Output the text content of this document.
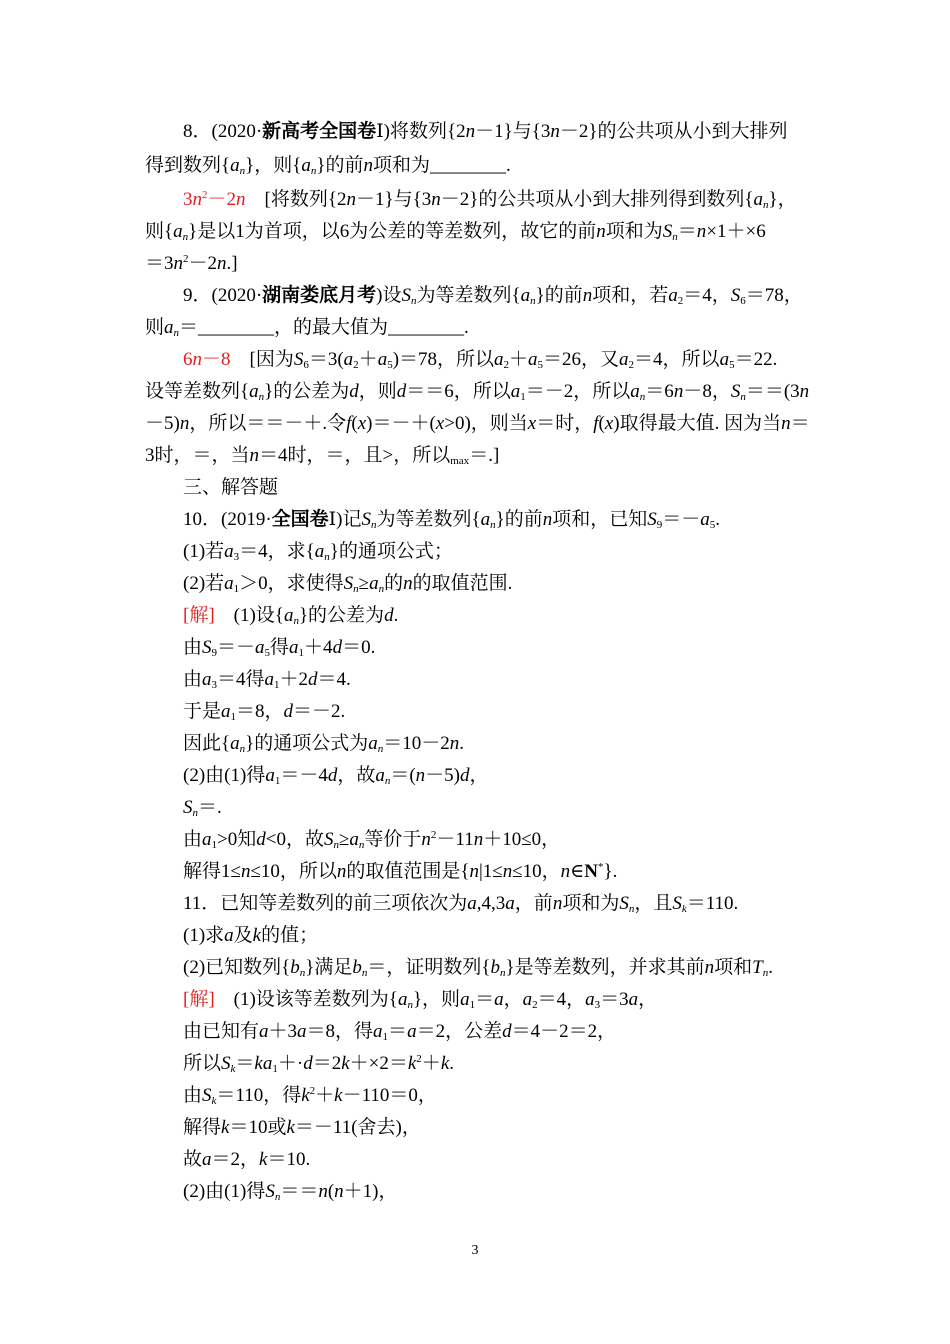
8．(2020·新高考全国卷Ⅰ)将数列{2n－1}与{3n－2}的公共项从小到大排列
得到数列$\{a_n\}$，则$\{a_n\}$的前n项和为________.
$3n^2-2n$　[将数列{2n－1}与{3n－2}的公共项从小到大排列得到数列$\{a_n\}$，
则$\{a_n\}$是以1为首项，以6为公差的等差数列，故它的前n项和为$S_n=n\times 1+\times 6$
$=3n^2-2n$.]
9．(2020·湖南娄底月考)设$S_n$为等差数列$\{a_n\}$的前n项和，若$a_2=4$，$S_6=78$，
则$a_n=\_\_\_\_\_\_\_\_$，的最大值为________.
6n－8　[因为$S_6=3(a_2+a_5)=78$，所以$a_2+a_5=26$，又$a_2=4$，所以$a_5=22$.
设等差数列$\{a_n\}$的公差为d，则d＝＝6，所以$a_1=-2$，所以$a_n=6n-8$，$S_n==(3n$
－5)n，所以＝＝－＋.令f(x)＝－＋(x>0)，则当x＝时，f(x)取得最大值. 因为当n＝
3时，＝，当n＝4时，＝，且>，所以$_{max}$＝.]
三、解答题
10．(2019·全国卷Ⅰ)记$S_n$为等差数列$\{a_n\}$的前n项和，已知$S_9=-a_5$.
(1)若$a_3=4$，求$\{a_n\}$的通项公式；
(2)若$a_1>0$，求使得$S_n\ge a_n$的n的取值范围.
[解]　(1)设$\{a_n\}$的公差为d.
由$S_9=-a_5$得$a_1+4d=0$.
由$a_3=4$得$a_1+2d=4$.
于是$a_1=8$，d＝－2.
因此$\{a_n\}$的通项公式为$a_n=10-2n$.
(2)由(1)得$a_1=-4d$，故$a_n=(n-5)d$，
$S_n=$.
由$a_1>0$知d<0，故$S_n\ge a_n$等价于$n^2-11n+10\le 0$，
解得1≤n≤10，所以n的取值范围是{n|1≤n≤10，n∈N*}.
11．已知等差数列的前三项依次为a,4,3a，前n项和为$S_n$，且$S_k=110$.
(1)求a及k的值；
(2)已知数列$\{b_n\}$满足$b_n=$，证明数列$\{b_n\}$是等差数列，并求其前n项和$T_n$.
[解]　(1)设该等差数列为$\{a_n\}$，则$a_1=a$，$a_2=4$，$a_3=3a$，
由已知有a＋3a＝8，得$a_1=a=2$，公差d＝4－2＝2，
所以$S_k=ka_1+\cdot d=2k+\times 2=k^2+k$.
由$S_k=110$，得$k^2+k-110=0$，
解得k＝10或k＝－11(舍去)，
故a＝2，k＝10.
(2)由(1)得$S_n==n(n+1)$，
3
